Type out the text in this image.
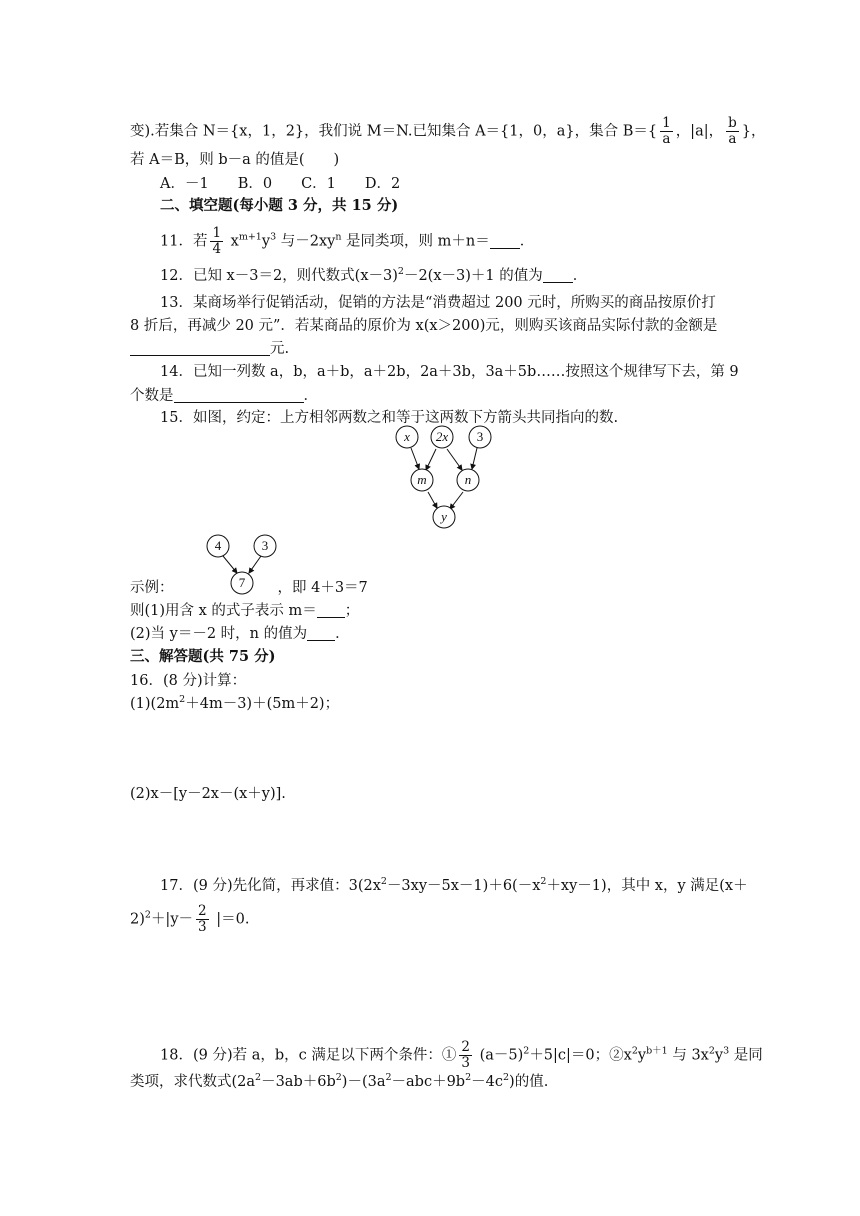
变).若集合 N＝{x，1，2}，我们说 M＝N.已知集合 A＝{1，0，a}，集合 $B=\{ \frac{1}{a}$ ，|a|， $\frac{b}{a}$ }，
若 A＝B，则 b－a 的值是(　　)
A．－1　　B．0　　C．1　　D．2
二、填空题(每小题 3 分，共 15 分)
11．若 $\frac{1}{4} x^{m+1}y^3$ 与$-2xy^n$ 是同类项，则 m＋n＝ ．
12．已知 x－3＝2，则代数式$(x-3)^2-2(x-3)+1$ 的值为 ．
13．某商场举行促销活动，促销的方法是“消费超过 200 元时，所购买的商品按原价打
8 折后，再减少 20 元”．若某商品的原价为 x(x＞200)元，则购买该商品实际付款的金额是
元.
14．已知一列数 a，b，a＋b，a＋2b，2a＋3b，3a＋5b……按照这个规律写下去，第 9
个数是	．
15．如图，约定：上方相邻两数之和等于这两数下方箭头共同指向的数.
x 2x 3
m	n
y
4	3
7
示例：	，即 4＋3＝7
则(1)用含 x 的式子表示 m＝ ；
(2)当 y＝－2 时，n 的值为 ．
三、解答题(共 75 分)
16．(8 分)计算：
$(1)(2m^2+4m-3)+(5m+2)$；
(2)x－[y－2x－(x＋y)].
17．(9 分)先化简，再求值：$3(2x^2-3xy-5x-1)+6(-x^2+xy-1)$，其中 x，y 满足(x＋
$2)^2+|y- \frac{2}{3} |=0$.
18．(9 分)若 a，b，c 满足以下两个条件：① $\frac{2}{3} (a-5)^2+5|c|=0$；$②x^2y^{b+1}$ 与 $3x^2y^3$ 是同
类项，求代数式$(2a^2-3ab+6b^2)-(3a^2-abc+9b^2-4c^2)$的值.
